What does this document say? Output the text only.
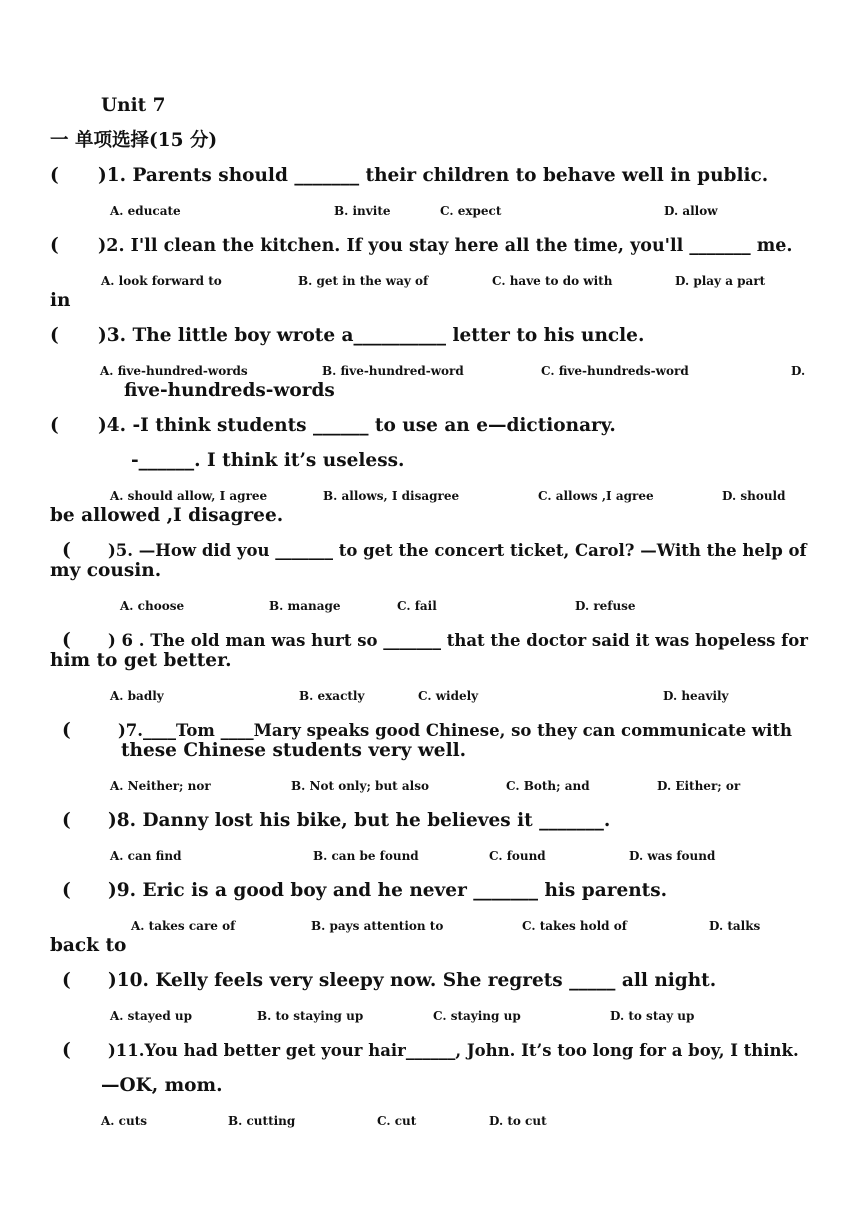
Unit 7
一 单项选择(15 分)
( )1. Parents should _______ their children to behave well in public.
A. educate	B. invite	C. expect	D. allow
( )2. I'll clean the kitchen. If you stay here all the time, you'll _______ me.
A. look forward to	B. get in the way of	C. have to do with	D. play a part
in
( )3. The little boy wrote a__________ letter to his uncle.
A. five-hundred-words	B. five-hundred-word	C. five-hundreds-word	D.
five-hundreds-words
( )4. -I think students ______ to use an e—dictionary.
-______. I think it’s useless.
A. should allow, I agree	B. allows, I disagree	C. allows ,I agree	D. should
be allowed ,I disagree.
( )5. —How did you _______ to get the concert ticket, Carol? —With the help of
my cousin.
A. choose	B. manage	C. fail	D. refuse
( ) 6 . The old man was hurt so _______ that the doctor said it was hopeless for
him to get better.
A. badly	B. exactly	C. widely	D. heavily
(	)7.____Tom ____Mary speaks good Chinese, so they can communicate with
these Chinese students very well.
A. Neither; nor	B. Not only; but also	C. Both; and	D. Either; or
( )8. Danny lost his bike, but he believes it _______.
A. can find	B. can be found	C. found	D. was found
( )9. Eric is a good boy and he never _______ his parents.
A. takes care of	B. pays attention to	C. takes hold of	D. talks
back to
( )10. Kelly feels very sleepy now. She regrets _____ all night.
A. stayed up	B. to staying up	C. staying up	D. to stay up
( )11.You had better get your hair______, John. It’s too long for a boy, I think.
—OK, mom.
A. cuts	B. cutting	C. cut	D. to cut
